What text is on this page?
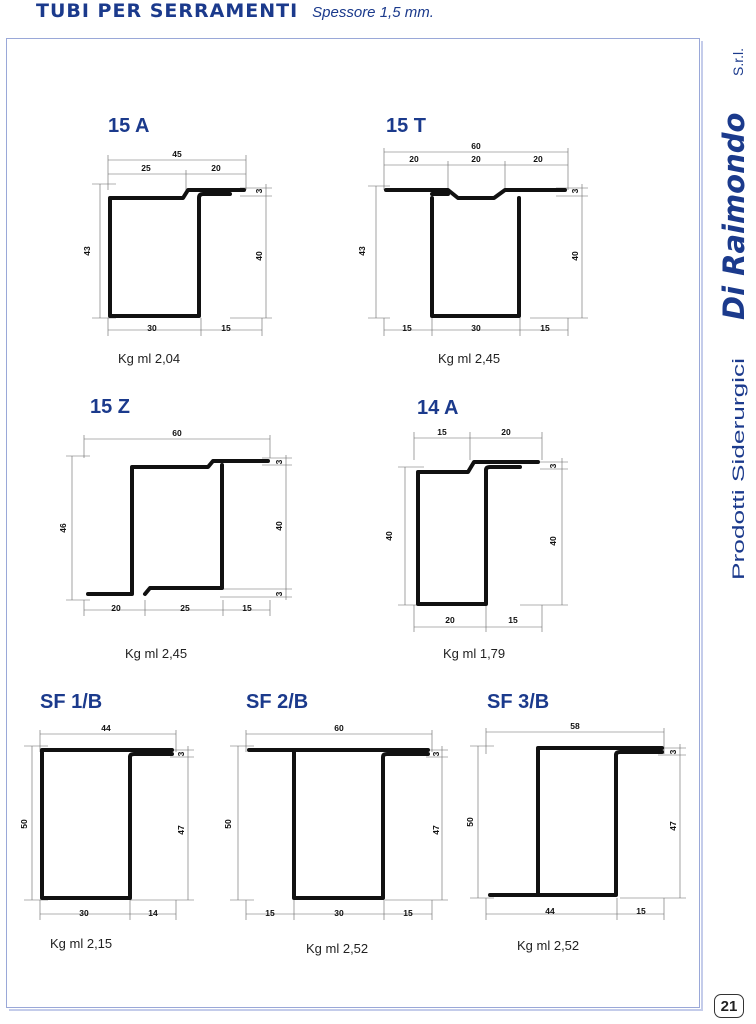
TUBI PER SERRAMENTI Spessore 1,5 mm.
Di Raimondo
S.r.l.
Prodotti Siderurgici
21
15 A
45
25	20
3
43
40
30	15
Kg ml 2,04
15 T
60
20	20	20
3
43
40
15	30	15
Kg ml 2,45
15 Z
60
3
46	40
3
20	25	15
Kg ml 2,45
14 A
15	20
3
40
40
20	15
Kg ml 1,79
SF 1/B
44
3
50
47
30	14
Kg ml 2,15
SF 2/B
60
3
50
47
15	30	15
Kg ml 2,52
SF 3/B
58
3
50	47
44	15
Kg ml 2,52
